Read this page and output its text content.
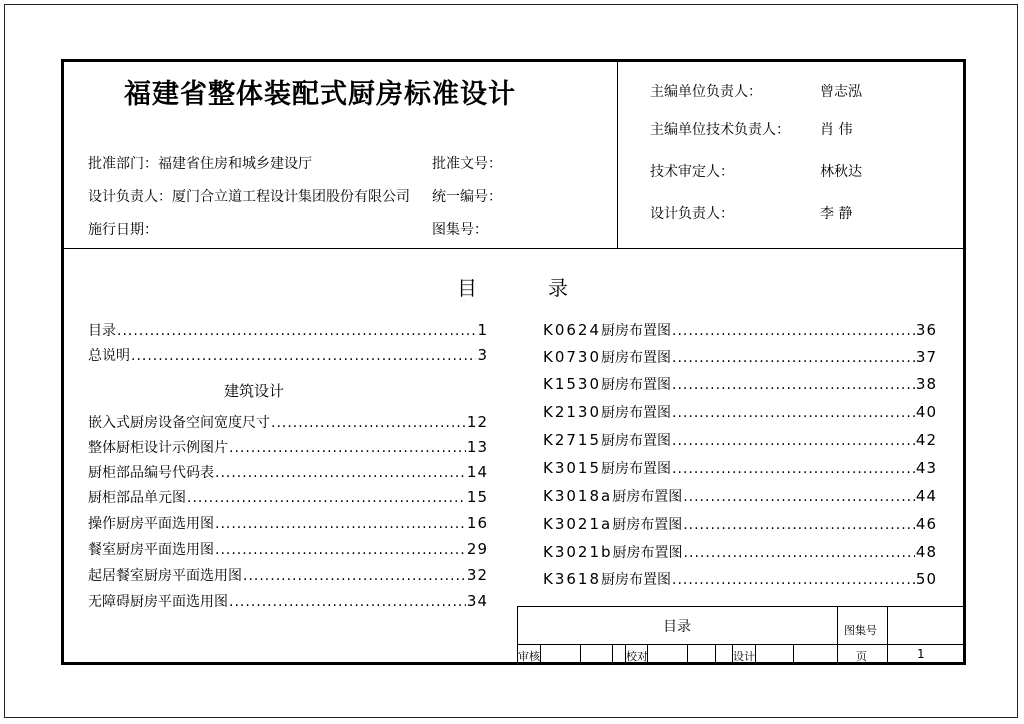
福建省整体装配式厨房标准设计
批准部门：福建省住房和城乡建设厅
设计负责人：厦门合立道工程设计集团股份有限公司
施行日期：
批准文号：
统一编号：
图集号：
主编单位负责人：	曾志泓
主编单位技术负责人： 肖 伟
技术审定人：	林秋达
设计负责人：	李 静
目	录
目录 .....	1
总说明 .....	3
建筑设计
嵌入式厨房设备空间宽度尺寸 .....	12
整体厨柜设计示例图片 .....	13
厨柜部品编号代码表 .....	14
厨柜部品单元图 .....	15
操作厨房平面选用图 .....	16
餐室厨房平面选用图 .....	29
起居餐室厨房平面选用图 .....	32
无障碍厨房平面选用图 .....	34
K0624 厨房布置图 .....	36
K0730 厨房布置图 .....	37
K1530 厨房布置图 .....	38
K2130 厨房布置图 .....	40
K2715 厨房布置图 .....	42
K3015 厨房布置图 .....	43
K3018a 厨房布置图 .....	44
K3021a 厨房布置图 .....	46
K3021b 厨房布置图 .....	48
K3618 厨房布置图 .....	50
目录	图集号
审核	校对	设计	页	1
